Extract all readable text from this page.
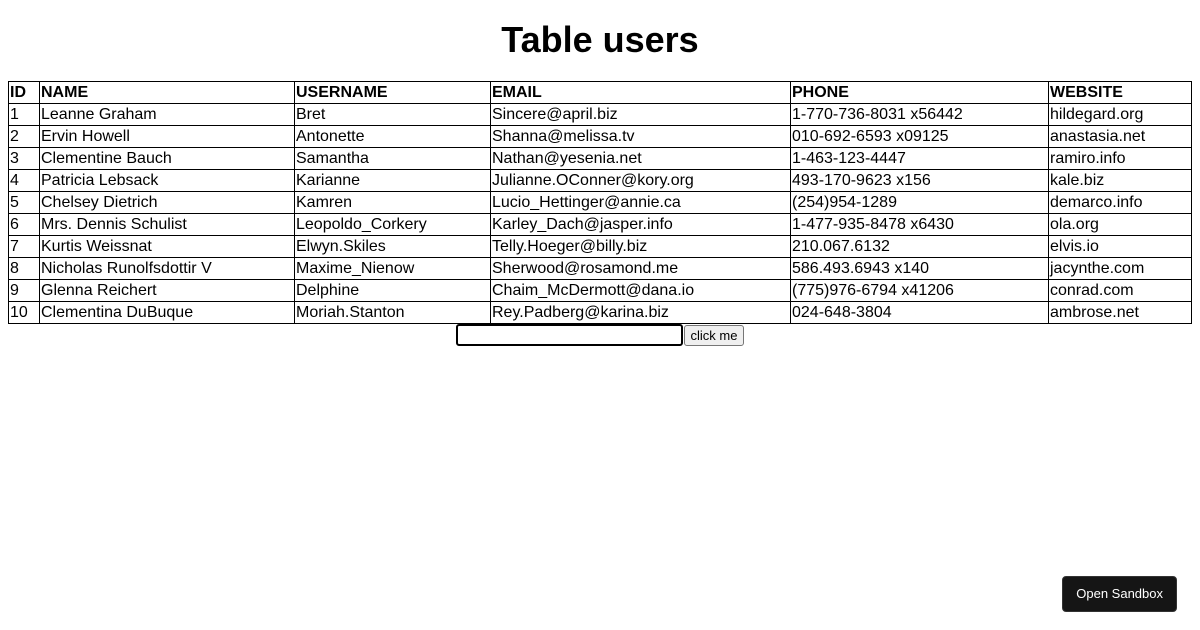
Table users
ID	NAME	USERNAME	EMAIL	PHONE	WEBSITE
1	Leanne Graham	Bret	Sincere@april.biz	1-770-736-8031 x56442	hildegard.org
2	Ervin Howell	Antonette	Shanna@melissa.tv	010-692-6593 x09125	anastasia.net
3	Clementine Bauch	Samantha	Nathan@yesenia.net	1-463-123-4447	ramiro.info
4	Patricia Lebsack	Karianne	Julianne.OConner@kory.org	493-170-9623 x156	kale.biz
5	Chelsey Dietrich	Kamren	Lucio_Hettinger@annie.ca	(254)954-1289	demarco.info
6	Mrs. Dennis Schulist	Leopoldo_Corkery	Karley_Dach@jasper.info	1-477-935-8478 x6430	ola.org
7	Kurtis Weissnat	Elwyn.Skiles	Telly.Hoeger@billy.biz	210.067.6132	elvis.io
8	Nicholas Runolfsdottir V	Maxime_Nienow	Sherwood@rosamond.me	586.493.6943 x140	jacynthe.com
9	Glenna Reichert	Delphine	Chaim_McDermott@dana.io	(775)976-6794 x41206	conrad.com
10	Clementina DuBuque	Moriah.Stanton	Rey.Padberg@karina.biz	024-648-3804	ambrose.net
click me
Open Sandbox
